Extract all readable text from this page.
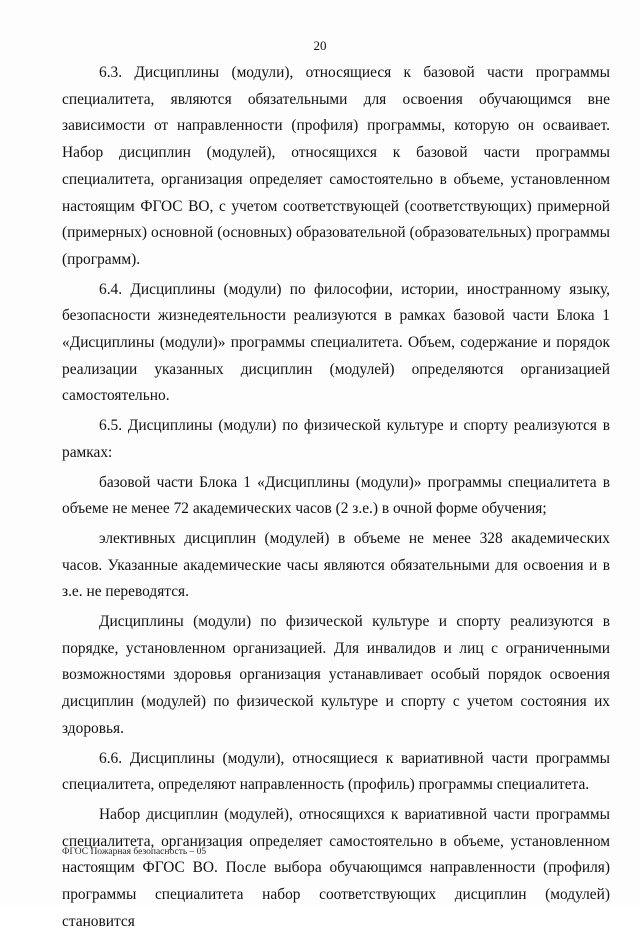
20

6.3. Дисциплины (модули), относящиеся к базовой части программы специалитета, являются обязательными для освоения обучающимся вне зависимости от направленности (профиля) программы, которую он осваивает. Набор дисциплин (модулей), относящихся к базовой части программы специалитета, организация определяет самостоятельно в объеме, установленном настоящим ФГОС ВО, с учетом соответствующей (соответствующих) примерной (примерных) основной (основных) образовательной (образовательных) программы (программ).

6.4. Дисциплины (модули) по философии, истории, иностранному языку, безопасности жизнедеятельности реализуются в рамках базовой части Блока 1 «Дисциплины (модули)» программы специалитета. Объем, содержание и порядок реализации указанных дисциплин (модулей) определяются организацией самостоятельно.

6.5. Дисциплины (модули) по физической культуре и спорту реализуются в рамках:

базовой части Блока 1 «Дисциплины (модули)» программы специалитета в объеме не менее 72 академических часов (2 з.е.) в очной форме обучения;

элективных дисциплин (модулей) в объеме не менее 328 академических часов. Указанные академические часы являются обязательными для освоения и в з.е. не переводятся.

Дисциплины (модули) по физической культуре и спорту реализуются в порядке, установленном организацией. Для инвалидов и лиц с ограниченными возможностями здоровья организация устанавливает особый порядок освоения дисциплин (модулей) по физической культуре и спорту с учетом состояния их здоровья.

6.6. Дисциплины (модули), относящиеся к вариативной части программы специалитета, определяют направленность (профиль) программы специалитета.

Набор дисциплин (модулей), относящихся к вариативной части программы специалитета, организация определяет самостоятельно в объеме, установленном настоящим ФГОС ВО. После выбора обучающимся направленности (профиля) программы специалитета набор соответствующих дисциплин (модулей) становится

ФГОС Пожарная безопасность – 05
